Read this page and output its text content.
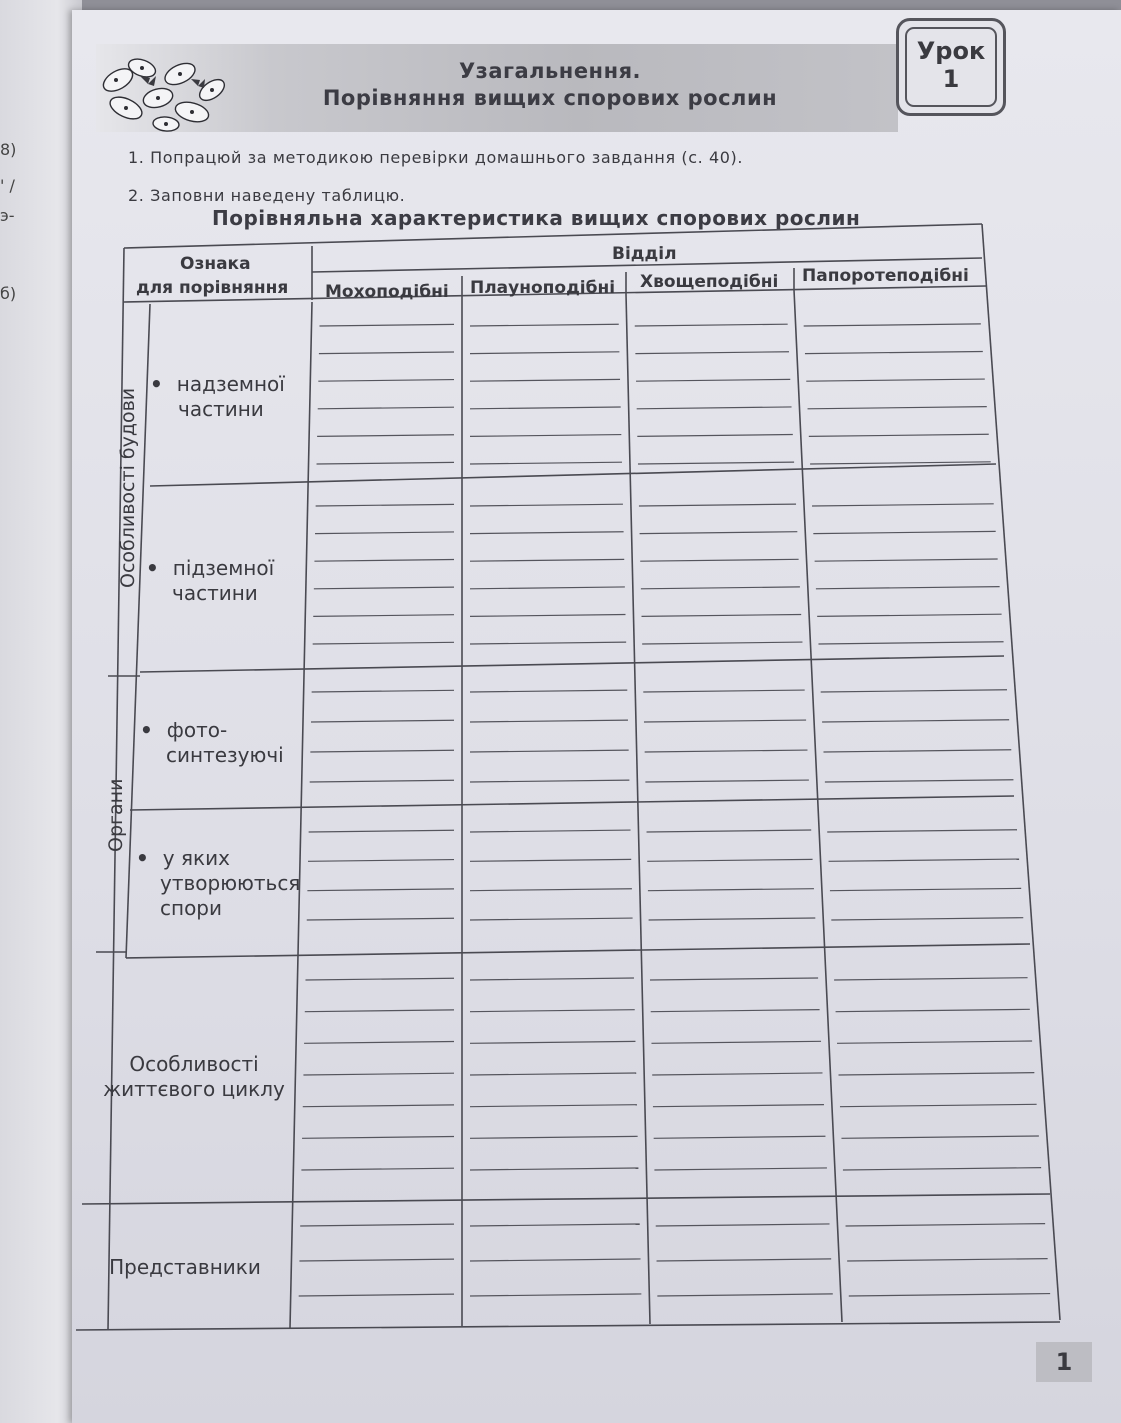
8)
' /
э-
б)
Узагальнення.
Порівняння вищих спорових рослин
Урок
1
1. Попрацюй за методикою перевірки домашнього завдання (с. 40).
2. Заповни наведену таблицю.
Порівняльна характеристика вищих спорових рослин
Ознака
для порівняння
Відділ
Мохоподібні Плауноподібні Хвощеподібні Папоротеподібні
Особливості будови
Органи
• надземної
частини
• підземної
частини
• фото-
синтезуючі
• у яких
утворюються
спори
Особливості
життєвого циклу
Представники
1
